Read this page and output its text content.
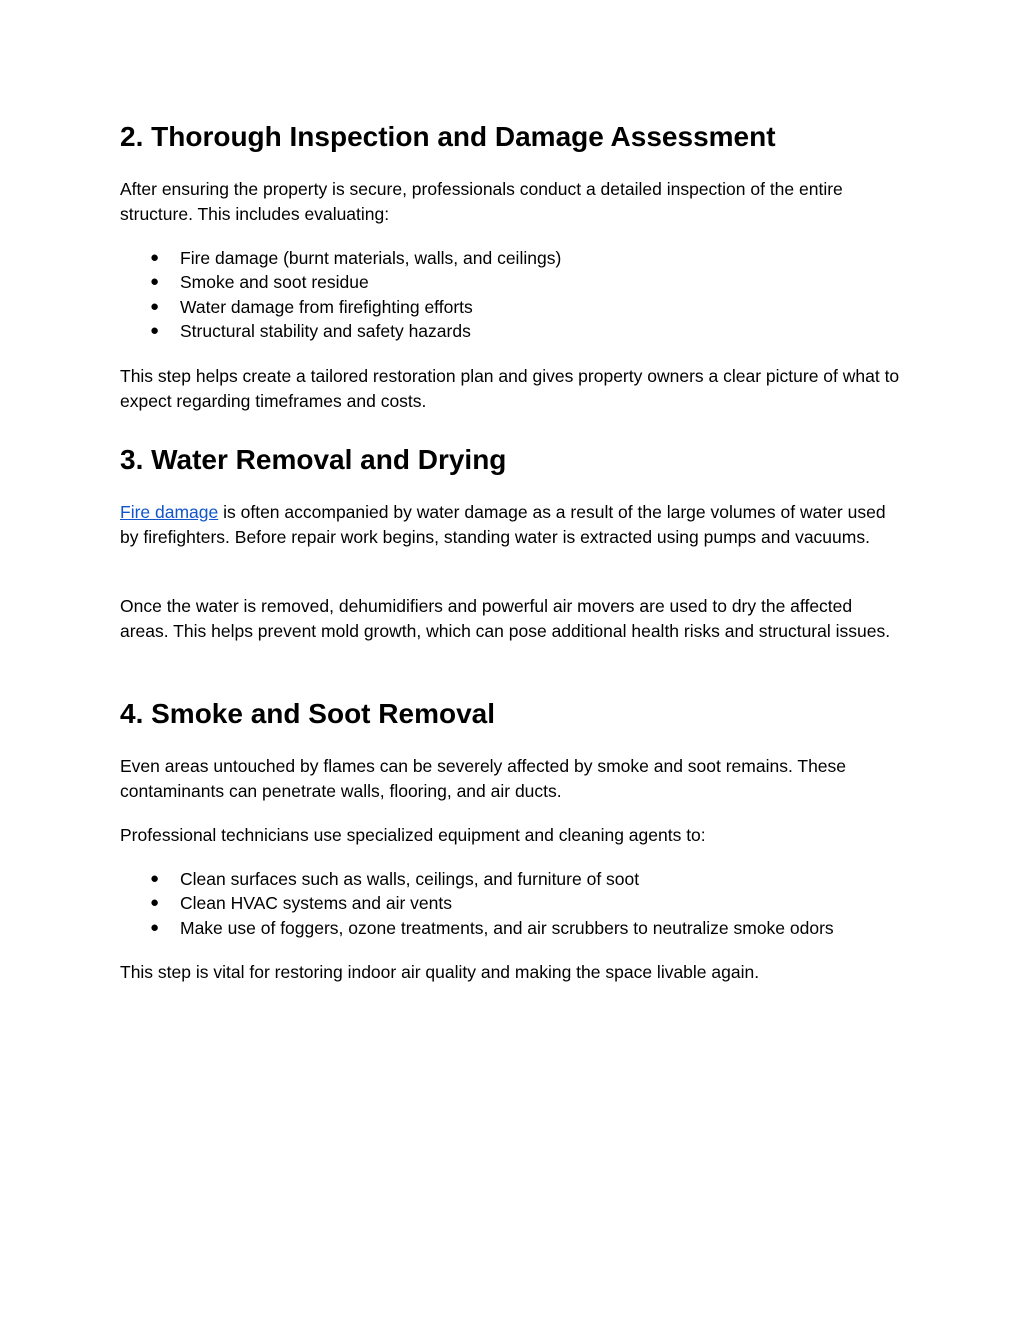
2. Thorough Inspection and Damage Assessment

After ensuring the property is secure, professionals conduct a detailed inspection of the entire structure. This includes evaluating:

● Fire damage (burnt materials, walls, and ceilings)
● Smoke and soot residue
● Water damage from firefighting efforts
● Structural stability and safety hazards

This step helps create a tailored restoration plan and gives property owners a clear picture of what to expect regarding timeframes and costs.

3. Water Removal and Drying

Fire damage is often accompanied by water damage as a result of the large volumes of water used by firefighters. Before repair work begins, standing water is extracted using pumps and vacuums.

Once the water is removed, dehumidifiers and powerful air movers are used to dry the affected areas. This helps prevent mold growth, which can pose additional health risks and structural issues.

4. Smoke and Soot Removal

Even areas untouched by flames can be severely affected by smoke and soot remains. These contaminants can penetrate walls, flooring, and air ducts.

Professional technicians use specialized equipment and cleaning agents to:

● Clean surfaces such as walls, ceilings, and furniture of soot
● Clean HVAC systems and air vents
● Make use of foggers, ozone treatments, and air scrubbers to neutralize smoke odors

This step is vital for restoring indoor air quality and making the space livable again.
